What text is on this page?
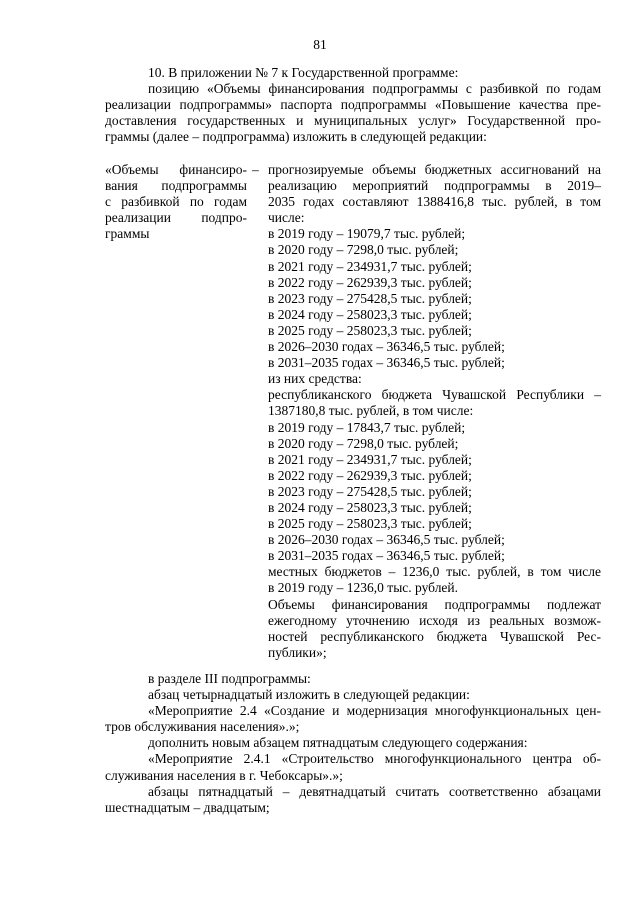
81
10. В приложении № 7 к Государственной программе:
позицию «Объемы финансирования подпрограммы с разбивкой по годам
реализации подпрограммы» паспорта подпрограммы «Повышение качества пре-
доставления государственных и муниципальных услуг» Государственной про-
граммы (далее – подпрограмма) изложить в следующей редакции:
«Объемы финансиро-
вания подпрограммы
с разбивкой по годам
реализации подпро-
граммы
– прогнозируемые объемы бюджетных ассигнований на
реализацию мероприятий подпрограммы в 2019–
2035 годах составляют 1388416,8 тыс. рублей, в том
числе:
в 2019 году – 19079,7 тыс. рублей;
в 2020 году – 7298,0 тыс. рублей;
в 2021 году – 234931,7 тыс. рублей;
в 2022 году – 262939,3 тыс. рублей;
в 2023 году – 275428,5 тыс. рублей;
в 2024 году – 258023,3 тыс. рублей;
в 2025 году – 258023,3 тыс. рублей;
в 2026–2030 годах – 36346,5 тыс. рублей;
в 2031–2035 годах – 36346,5 тыс. рублей;
из них средства:
республиканского бюджета Чувашской Республики –
1387180,8 тыс. рублей, в том числе:
в 2019 году – 17843,7 тыс. рублей;
в 2020 году – 7298,0 тыс. рублей;
в 2021 году – 234931,7 тыс. рублей;
в 2022 году – 262939,3 тыс. рублей;
в 2023 году – 275428,5 тыс. рублей;
в 2024 году – 258023,3 тыс. рублей;
в 2025 году – 258023,3 тыс. рублей;
в 2026–2030 годах – 36346,5 тыс. рублей;
в 2031–2035 годах – 36346,5 тыс. рублей;
местных бюджетов – 1236,0 тыс. рублей, в том числе
в 2019 году – 1236,0 тыс. рублей.
Объемы финансирования подпрограммы подлежат
ежегодному уточнению исходя из реальных возмож-
ностей республиканского бюджета Чувашской Рес-
публики»;
в разделе III подпрограммы:
абзац четырнадцатый изложить в следующей редакции:
«Мероприятие 2.4 «Создание и модернизация многофункциональных цен-
тров обслуживания населения».»;
дополнить новым абзацем пятнадцатым следующего содержания:
«Мероприятие 2.4.1 «Строительство многофункционального центра об-
служивания населения в г. Чебоксары».»;
абзацы пятнадцатый – девятнадцатый считать соответственно абзацами
шестнадцатым – двадцатым;
